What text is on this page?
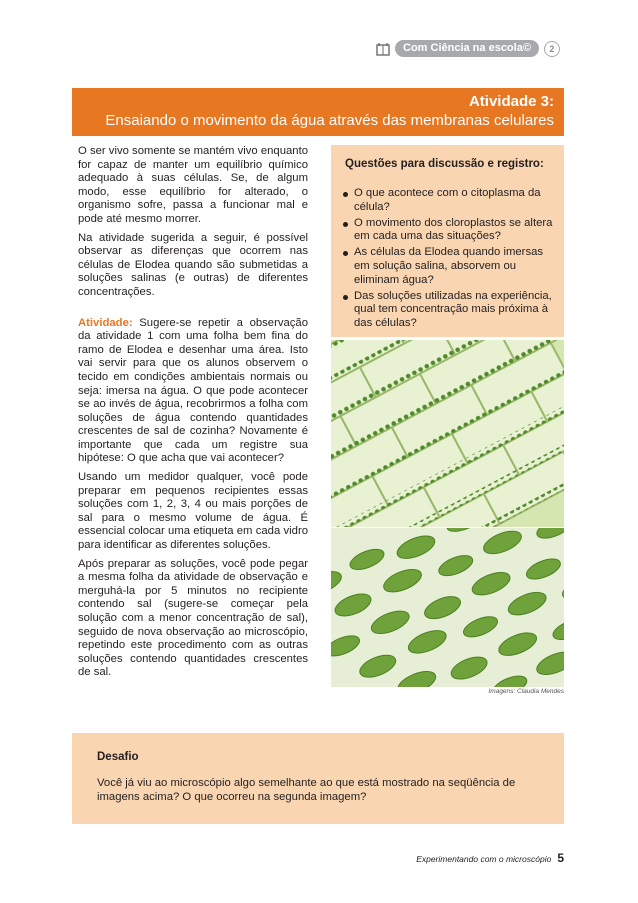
Com Ciência na escola©	2
Atividade 3:
Ensaiando o movimento da água através das membranas celulares

O ser vivo somente se mantém vivo enquanto for capaz de manter um equilíbrio químico adequado à suas células. Se, de algum modo, esse equilíbrio for alterado, o organismo sofre, passa a funcionar mal e pode até mesmo morrer.

Na atividade sugerida a seguir, é possível observar as diferenças que ocorrem nas células de Elodea quando são submetidas a soluções salinas (e outras) de diferentes concentrações.

Atividade: Sugere-se repetir a observação da atividade 1 com uma folha bem fina do ramo de Elodea e desenhar uma área. Isto vai servir para que os alunos observem o tecido em condições ambientais normais ou seja: imersa na água. O que pode acontecer se ao invés de água, recobrirmos a folha com soluções de água contendo quantidades crescentes de sal de cozinha? Novamente é importante que cada um registre sua hipótese: O que acha que vai acontecer?

Usando um medidor qualquer, você pode preparar em pequenos recipientes essas soluções com 1, 2, 3, 4 ou mais porções de sal para o mesmo volume de água. É essencial colocar uma etiqueta em cada vidro para identificar as diferentes soluções.

Após preparar as soluções, você pode pegar a mesma folha da atividade de observação e merguhá-la por 5 minutos no recipiente contendo sal (sugere-se começar pela solução com a menor concentração de sal), seguido de nova observação ao microscópio, repetindo este procedimento com as outras soluções contendo quantidades crescentes de sal.

Questões para discussão e registro:
O que acontece com o citoplasma da célula?
O movimento dos cloroplastos se altera em cada uma das situações?
As células da Elodea quando imersas em solução salina, absorvem ou eliminam água?
Das soluções utilizadas na experiência, qual tem concentração mais próxima à das células?
Imagens: Claudia Mendes
Desafio
Você já viu ao microscópio algo semelhante ao que está mostrado na seqüência de imagens acima? O que ocorreu na segunda imagem?
Experimentando com o microscópio 5
